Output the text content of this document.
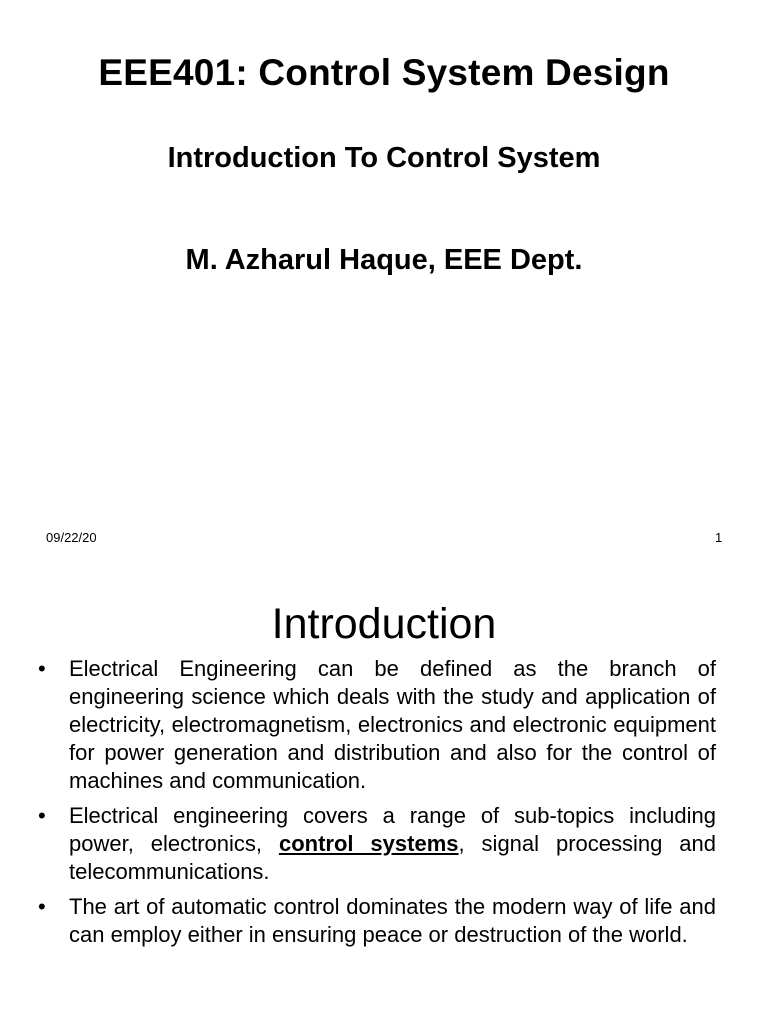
EEE401: Control System Design
Introduction To Control System
M. Azharul Haque, EEE Dept.
09/22/20	1
Introduction
• Electrical Engineering can be defined as the branch of engineering science which deals with the study and application of electricity, electromagnetism, electronics and electronic equipment for power generation and distribution and also for the control of machines and communication.
• Electrical engineering covers a range of sub-topics including power, electronics, control systems, signal processing and telecommunications.
• The art of automatic control dominates the modern way of life and can employ either in ensuring peace or destruction of the world.
